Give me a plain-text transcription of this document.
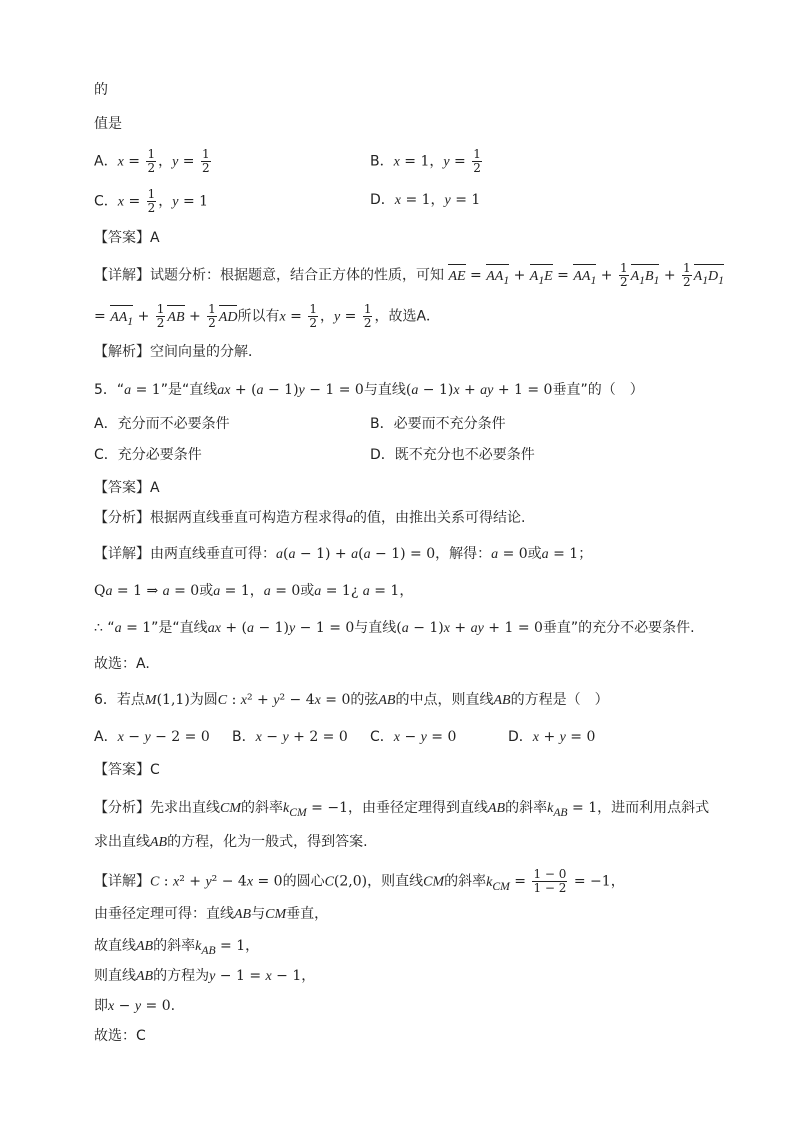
的
值是
A．$x = \frac{1}{2}$ ，$y = \frac{1}{2}$	B．x = 1，$y = \frac{1}{2}$
C．$x = \frac{1}{2}$ ，y = 1	D．x = 1，y = 1
【答案】A
【详解】试题分析：根据题意，结合正方体的性质，可知 AE = $AA_1 + A_1E = AA_1 + \frac{1}{2} A_1B_1 + \frac{1}{2} A_1D_1$
= $AA_1 + \frac{1}{2}$ AB + $\frac{1}{2}$ AD所以有$x = \frac{1}{2}$ ，$y = \frac{1}{2}$ ，故选A．
【解析】空间向量的分解．
5．“a = 1”是“直线ax + (a − 1)y − 1 = 0与直线(a − 1)x + ay + 1 = 0垂直”的（　）
A．充分而不必要条件	B．必要而不充分条件
C．充分必要条件	D．既不充分也不必要条件
【答案】A
【分析】根据两直线垂直可构造方程求得a的值，由推出关系可得结论.
【详解】由两直线垂直可得：a(a − 1) + a(a − 1) = 0，解得：a = 0或a = 1；
Qa = 1 ⇒ a = 0或a = 1，a = 0或a = 1¿ a = 1，
∴ “a = 1”是“直线ax + (a − 1)y − 1 = 0与直线(a − 1)x + ay + 1 = 0垂直”的充分不必要条件.
故选：A.
6．若点M(1,1)为圆C : x² + y² − 4x = 0的弦AB的中点，则直线AB的方程是（　）
A．x − y − 2 = 0 B．x − y + 2 = 0 C．x − y = 0	D．x + y = 0
【答案】C
【分析】先求出直线CM的斜率$k_{CM} = -1$，由垂径定理得到直线AB的斜率$k_{AB} = 1$，进而利用点斜式
求出直线AB的方程，化为一般式，得到答案.
【详解】C : x² + y² − 4x = 0的圆心C(2,0)，则直线CM的斜率$k_{CM} = \frac{1 - 0}{1 - 2} = -1$，
由垂径定理可得：直线AB与CM垂直，
故直线AB的斜率$k_{AB} = 1$，
则直线AB的方程为y − 1 = x − 1，
即x − y = 0.
故选：C
